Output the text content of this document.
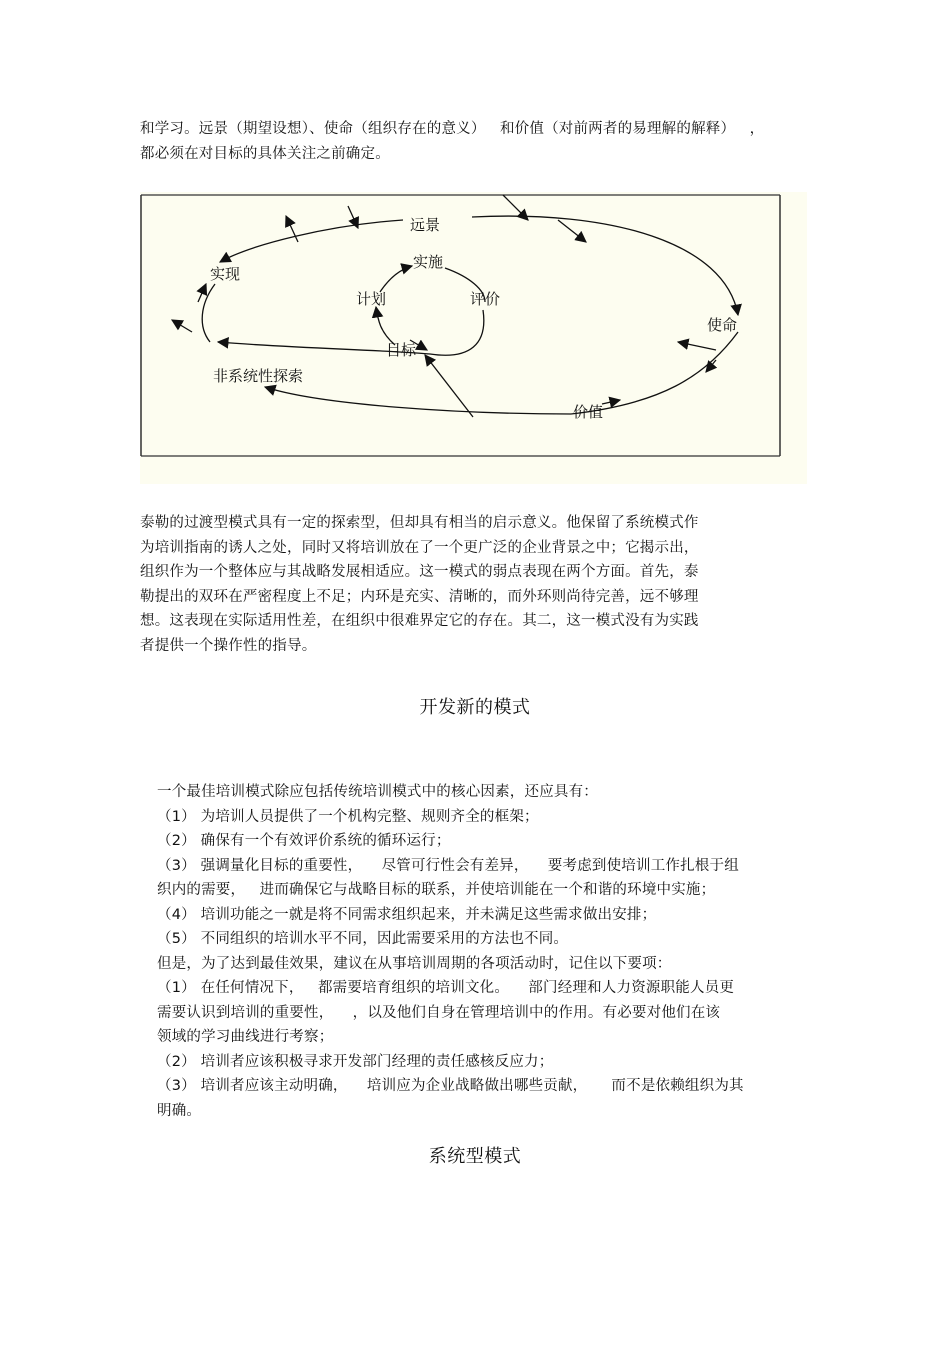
和学习。远景（期望设想）、使命（组织存在的意义）   和价值（对前两者的易理解的解释）   ，
都必须在对目标的具体关注之前确定。
远景
实现
实施
计划	评价
使命
目标
非系统性探索
价值
泰勒的过渡型模式具有一定的探索型，但却具有相当的启示意义。他保留了系统模式作
为培训指南的诱人之处，同时又将培训放在了一个更广泛的企业背景之中；它揭示出，
组织作为一个整体应与其战略发展相适应。这一模式的弱点表现在两个方面。首先，泰
勒提出的双环在严密程度上不足；内环是充实、清晰的，而外环则尚待完善，远不够理
想。这表现在实际适用性差，在组织中很难界定它的存在。其二，这一模式没有为实践
者提供一个操作性的指导。
开发新的模式
一个最佳培训模式除应包括传统培训模式中的核心因素，还应具有：
（1） 为培训人员提供了一个机构完整、规则齐全的框架；
（2） 确保有一个有效评价系统的循环运行；
（3） 强调量化目标的重要性，    尽管可行性会有差异，    要考虑到使培训工作扎根于组
织内的需要，   进而确保它与战略目标的联系，并使培训能在一个和谐的环境中实施；
（4） 培训功能之一就是将不同需求组织起来，并未满足这些需求做出安排；
（5） 不同组织的培训水平不同，因此需要采用的方法也不同。
但是，为了达到最佳效果，建议在从事培训周期的各项活动时，记住以下要项：
（1） 在任何情况下，   都需要培育组织的培训文化。    部门经理和人力资源职能人员更
需要认识到培训的重要性，    ，以及他们自身在管理培训中的作用。有必要对他们在该
领域的学习曲线进行考察；
（2） 培训者应该积极寻求开发部门经理的责任感核反应力；
（3） 培训者应该主动明确，    培训应为企业战略做出哪些贡献，     而不是依赖组织为其
明确。
系统型模式
